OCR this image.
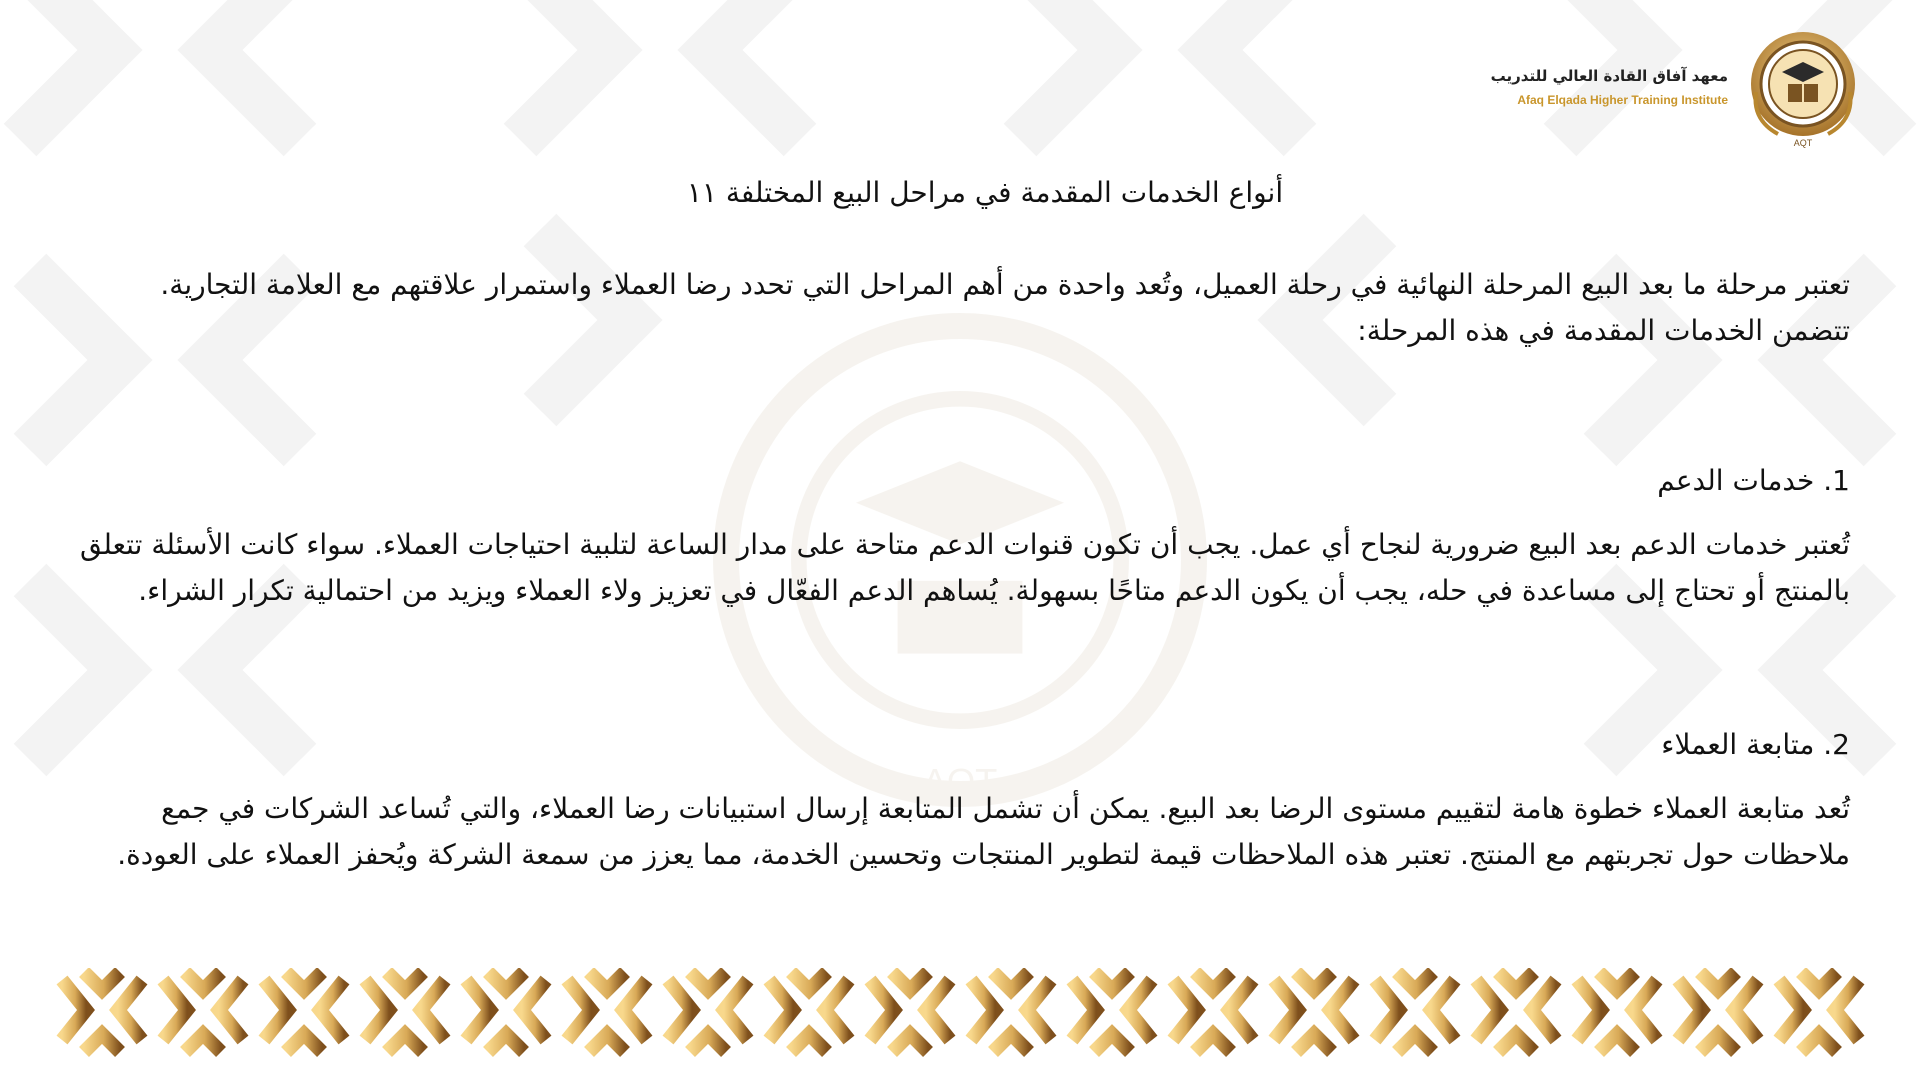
AQT
معهد آفاق القادة العالي للتدريب
Afaq Elqada Higher Training Institute
AQT
أنواع الخدمات المقدمة في مراحل البيع المختلفة ١١

تعتبر مرحلة ما بعد البيع المرحلة النهائية في رحلة العميل، وتُعد واحدة من أهم المراحل التي تحدد رضا العملاء واستمرار علاقتهم مع العلامة التجارية. تتضمن الخدمات المقدمة في هذه المرحلة:

1. خدمات الدعم

تُعتبر خدمات الدعم بعد البيع ضرورية لنجاح أي عمل. يجب أن تكون قنوات الدعم متاحة على مدار الساعة لتلبية احتياجات العملاء. سواء كانت الأسئلة تتعلق بالمنتج أو تحتاج إلى مساعدة في حله، يجب أن يكون الدعم متاحًا بسهولة. يُساهم الدعم الفعّال في تعزيز ولاء العملاء ويزيد من احتمالية تكرار الشراء.

2. متابعة العملاء

تُعد متابعة العملاء خطوة هامة لتقييم مستوى الرضا بعد البيع. يمكن أن تشمل المتابعة إرسال استبيانات رضا العملاء، والتي تُساعد الشركات في جمع ملاحظات حول تجربتهم مع المنتج. تعتبر هذه الملاحظات قيمة لتطوير المنتجات وتحسين الخدمة، مما يعزز من سمعة الشركة ويُحفز العملاء على العودة.
